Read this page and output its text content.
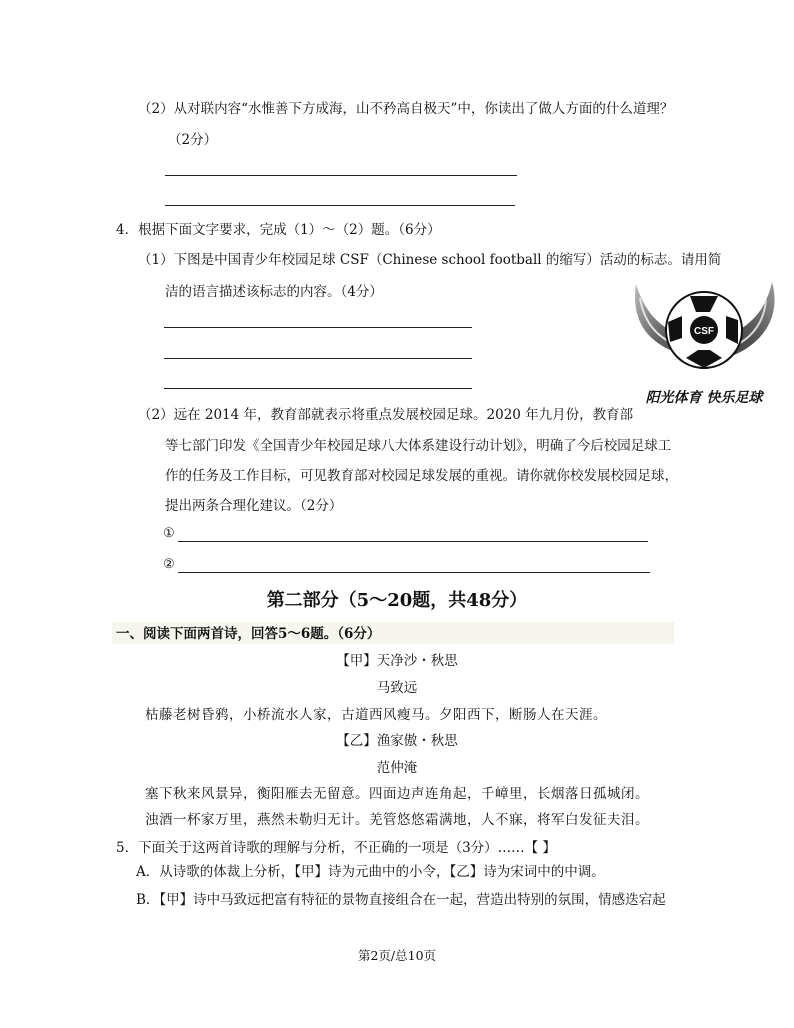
（2）从对联内容“水惟善下方成海，山不矜高自极天”中，你读出了做人方面的什么道理？
（2分）
4．根据下面文字要求，完成（1）～（2）题。（6分）
（1）下图是中国青少年校园足球 CSF（Chinese school football 的缩写）活动的标志。请用简
洁的语言描述该标志的内容。（4分）
CSF
阳光体育 快乐足球
（2）远在 2014 年，教育部就表示将重点发展校园足球。2020 年九月份，教育部
等七部门印发《全国青少年校园足球八大体系建设行动计划》，明确了今后校园足球工
作的任务及工作目标，可见教育部对校园足球发展的重视。请你就你校发展校园足球，
提出两条合理化建议。（2分）
①
②
第二部分（5～20题，共48分）
一、阅读下面两首诗，回答5～6题。（6分）
【甲】天净沙・秋思
马致远
枯藤老树昏鸦，小桥流水人家，古道西风瘦马。夕阳西下，断肠人在天涯。
【乙】渔家傲・秋思
范仲淹
塞下秋来风景异，衡阳雁去无留意。四面边声连角起，千嶂里，长烟落日孤城闭。
浊酒一杯家万里，燕然未勒归无计。羌管悠悠霜满地，人不寐，将军白发征夫泪。
5．下面关于这两首诗歌的理解与分析，不正确的一项是（3分）……【 】
A．从诗歌的体裁上分析，【甲】诗为元曲中的小令，【乙】诗为宋词中的中调。
B．【甲】诗中马致远把富有特征的景物直接组合在一起，营造出特别的氛围，情感迭宕起
第2页/总10页
